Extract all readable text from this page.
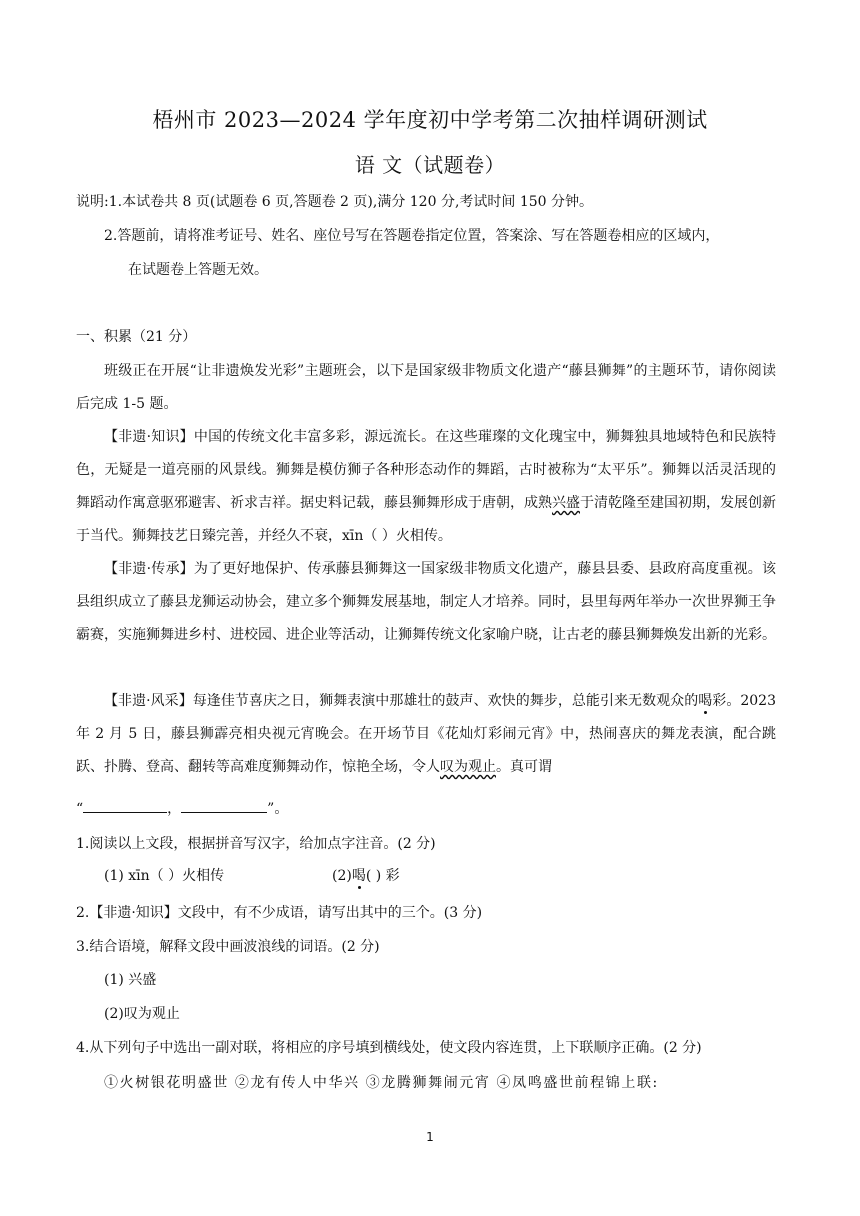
梧州市 2023—2024 学年度初中学考第二次抽样调研测试
语 文（试题卷）
说明:1.本试卷共 8 页(试题卷 6 页,答题卷 2 页),满分 120 分,考试时间 150 分钟。
2.答题前，请将准考证号、姓名、座位号写在答题卷指定位置，答案涂、写在答题卷相应的区域内，
在试题卷上答题无效。
一、积累（21 分）
班级正在开展“让非遗焕发光彩”主题班会，以下是国家级非物质文化遗产“藤县狮舞”的主题环节，请你阅读后完成 1-5 题。
【非遗·知识】中国的传统文化丰富多彩，源远流长。在这些璀璨的文化瑰宝中，狮舞独具地域特色和民族特色，无疑是一道亮丽的风景线。狮舞是模仿狮子各种形态动作的舞蹈，古时被称为“太平乐”。狮舞以活灵活现的舞蹈动作寓意驱邪避害、祈求吉祥。据史料记载，藤县狮舞形成于唐朝，成熟兴盛于清乾隆至建国初期，发展创新于当代。狮舞技艺日臻完善，并经久不衰，xīn（ ）火相传。
【非遗·传承】为了更好地保护、传承藤县狮舞这一国家级非物质文化遗产，藤县县委、县政府高度重视。该县组织成立了藤县龙狮运动协会，建立多个狮舞发展基地，制定人才培养。同时，县里每两年举办一次世界狮王争霸赛，实施狮舞进乡村、进校园、进企业等活动，让狮舞传统文化家喻户晓，让古老的藤县狮舞焕发出新的光彩。
【非遗·风采】每逢佳节喜庆之日，狮舞表演中那雄壮的鼓声、欢快的舞步，总能引来无数观众的喝彩。2023 年 2 月 5 日，藤县狮霹亮相央视元宵晚会。在开场节目《花灿灯彩闹元宵》中，热闹喜庆的舞龙表演，配合跳跃、扑腾、登高、翻转等高难度狮舞动作，惊艳全场，令人叹为观止。真可谓
“	，	”。
1.阅读以上文段，根据拼音写汉字，给加点字注音。(2 分)
(1) xīn（ ）火相传	(2)喝( ) 彩
2.【非遗·知识】文段中，有不少成语，请写出其中的三个。(3 分)
3.结合语境，解释文段中画波浪线的词语。(2 分)
(1) 兴盛
(2)叹为观止
4.从下列句子中选出一副对联，将相应的序号填到横线处，使文段内容连贯，上下联顺序正确。(2 分)
①火树银花明盛世 ②龙有传人中华兴 ③龙腾狮舞闹元宵 ④凤鸣盛世前程锦上联:
1
